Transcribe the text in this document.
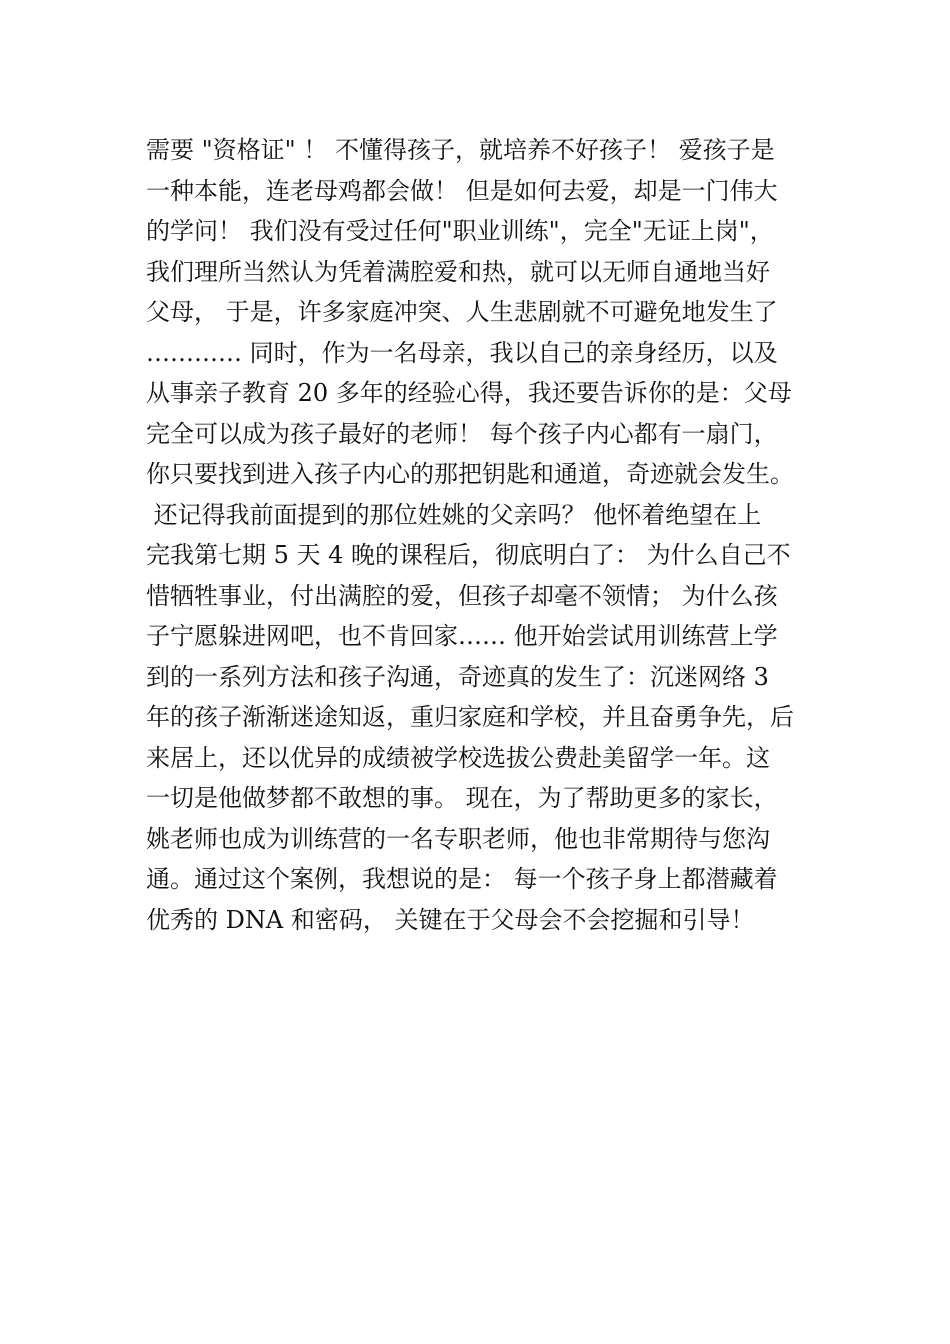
需要 "资格证" ！ 不懂得孩子，就培养不好孩子！ 爱孩子是
一种本能，连老母鸡都会做！ 但是如何去爱，却是一门伟大
的学问！ 我们没有受过任何"职业训练"，完全"无证上岗"，
我们理所当然认为凭着满腔爱和热，就可以无师自通地当好
父母， 于是，许多家庭冲突、人生悲剧就不可避免地发生了
………… 同时，作为一名母亲，我以自己的亲身经历，以及
从事亲子教育 20 多年的经验心得，我还要告诉你的是：父母
完全可以成为孩子最好的老师！ 每个孩子内心都有一扇门，
你只要找到进入孩子内心的那把钥匙和通道，奇迹就会发生。
还记得我前面提到的那位姓姚的父亲吗？ 他怀着绝望在上
完我第七期 5 天 4 晚的课程后，彻底明白了： 为什么自己不
惜牺牲事业，付出满腔的爱，但孩子却毫不领情； 为什么孩
子宁愿躲进网吧，也不肯回家…… 他开始尝试用训练营上学
到的一系列方法和孩子沟通，奇迹真的发生了：沉迷网络 3
年的孩子渐渐迷途知返，重归家庭和学校，并且奋勇争先，后
来居上，还以优异的成绩被学校选拔公费赴美留学一年。这
一切是他做梦都不敢想的事。 现在，为了帮助更多的家长，
姚老师也成为训练营的一名专职老师，他也非常期待与您沟
通。通过这个案例，我想说的是： 每一个孩子身上都潜藏着
优秀的 DNA 和密码， 关键在于父母会不会挖掘和引导！
